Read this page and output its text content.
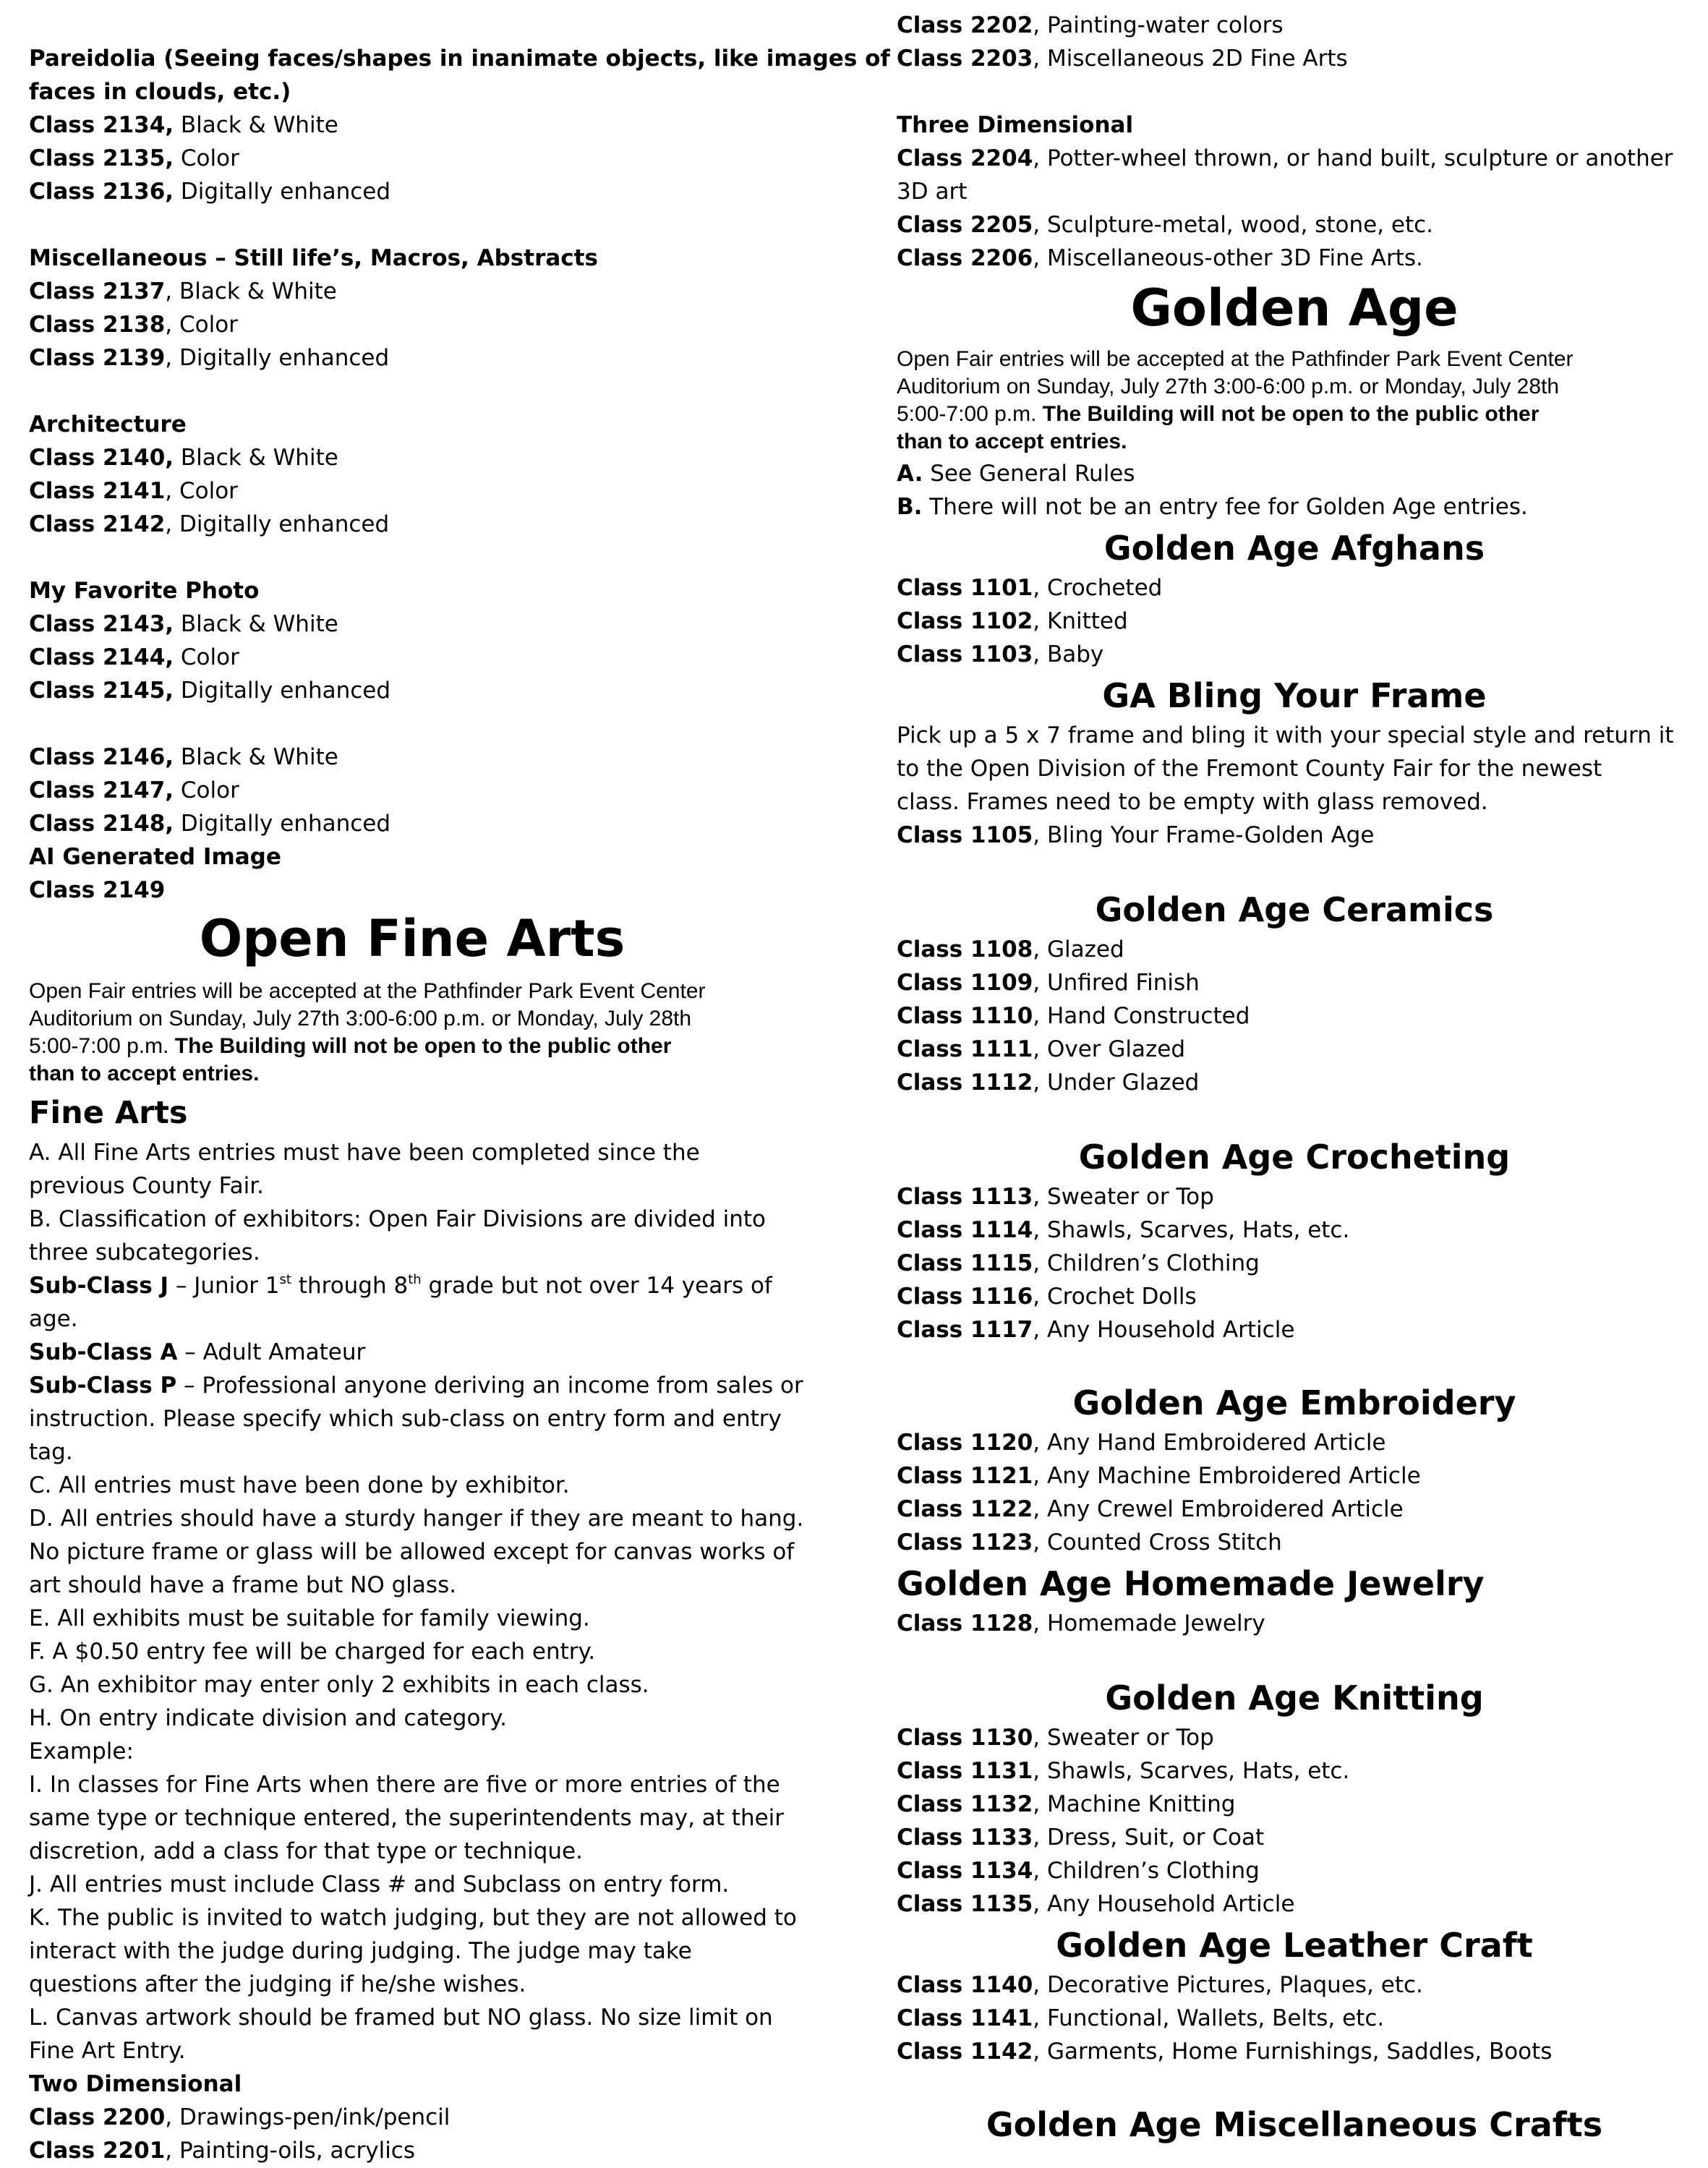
Pareidolia (Seeing faces/shapes in inanimate objects, like images of
faces in clouds, etc.)
Class 2134, Black & White
Class 2135, Color
Class 2136, Digitally enhanced
Miscellaneous – Still life’s, Macros, Abstracts
Class 2137, Black & White
Class 2138, Color
Class 2139, Digitally enhanced
Architecture
Class 2140, Black & White
Class 2141, Color
Class 2142, Digitally enhanced
My Favorite Photo
Class 2143, Black & White
Class 2144, Color
Class 2145, Digitally enhanced
Class 2146, Black & White
Class 2147, Color
Class 2148, Digitally enhanced
AI Generated Image
Class 2149
Open Fine Arts
Open Fair entries will be accepted at the Pathfinder Park Event Center
Auditorium on Sunday, July 27th 3:00-6:00 p.m. or Monday, July 28th
5:00-7:00 p.m. The Building will not be open to the public other
than to accept entries.
Fine Arts
A. All Fine Arts entries must have been completed since the
previous County Fair.
B. Classification of exhibitors: Open Fair Divisions are divided into
three subcategories.
Sub-Class J – Junior 1st through 8th grade but not over 14 years of
age.
Sub-Class A – Adult Amateur
Sub-Class P – Professional anyone deriving an income from sales or
instruction. Please specify which sub-class on entry form and entry
tag.
C. All entries must have been done by exhibitor.
D. All entries should have a sturdy hanger if they are meant to hang.
No picture frame or glass will be allowed except for canvas works of
art should have a frame but NO glass.
E. All exhibits must be suitable for family viewing.
F. A $0.50 entry fee will be charged for each entry.
G. An exhibitor may enter only 2 exhibits in each class.
H. On entry indicate division and category.
Example:
I. In classes for Fine Arts when there are five or more entries of the
same type or technique entered, the superintendents may, at their
discretion, add a class for that type or technique.
J. All entries must include Class # and Subclass on entry form.
K. The public is invited to watch judging, but they are not allowed to
interact with the judge during judging. The judge may take
questions after the judging if he/she wishes.
L. Canvas artwork should be framed but NO glass. No size limit on
Fine Art Entry.
Two Dimensional
Class 2200, Drawings-pen/ink/pencil
Class 2201, Painting-oils, acrylics
Class 2202, Painting-water colors
Class 2203, Miscellaneous 2D Fine Arts
Three Dimensional
Class 2204, Potter-wheel thrown, or hand built, sculpture or another
3D art
Class 2205, Sculpture-metal, wood, stone, etc.
Class 2206, Miscellaneous-other 3D Fine Arts.
Golden Age
Open Fair entries will be accepted at the Pathfinder Park Event Center
Auditorium on Sunday, July 27th 3:00-6:00 p.m. or Monday, July 28th
5:00-7:00 p.m. The Building will not be open to the public other
than to accept entries.
A. See General Rules
B. There will not be an entry fee for Golden Age entries.
Golden Age Afghans
Class 1101, Crocheted
Class 1102, Knitted
Class 1103, Baby
GA Bling Your Frame
Pick up a 5 x 7 frame and bling it with your special style and return it
to the Open Division of the Fremont County Fair for the newest
class. Frames need to be empty with glass removed.
Class 1105, Bling Your Frame-Golden Age
Golden Age Ceramics
Class 1108, Glazed
Class 1109, Unfired Finish
Class 1110, Hand Constructed
Class 1111, Over Glazed
Class 1112, Under Glazed
Golden Age Crocheting
Class 1113, Sweater or Top
Class 1114, Shawls, Scarves, Hats, etc.
Class 1115, Children’s Clothing
Class 1116, Crochet Dolls
Class 1117, Any Household Article
Golden Age Embroidery
Class 1120, Any Hand Embroidered Article
Class 1121, Any Machine Embroidered Article
Class 1122, Any Crewel Embroidered Article
Class 1123, Counted Cross Stitch
Golden Age Homemade Jewelry
Class 1128, Homemade Jewelry
Golden Age Knitting
Class 1130, Sweater or Top
Class 1131, Shawls, Scarves, Hats, etc.
Class 1132, Machine Knitting
Class 1133, Dress, Suit, or Coat
Class 1134, Children’s Clothing
Class 1135, Any Household Article
Golden Age Leather Craft
Class 1140, Decorative Pictures, Plaques, etc.
Class 1141, Functional, Wallets, Belts, etc.
Class 1142, Garments, Home Furnishings, Saddles, Boots
Golden Age Miscellaneous Crafts
